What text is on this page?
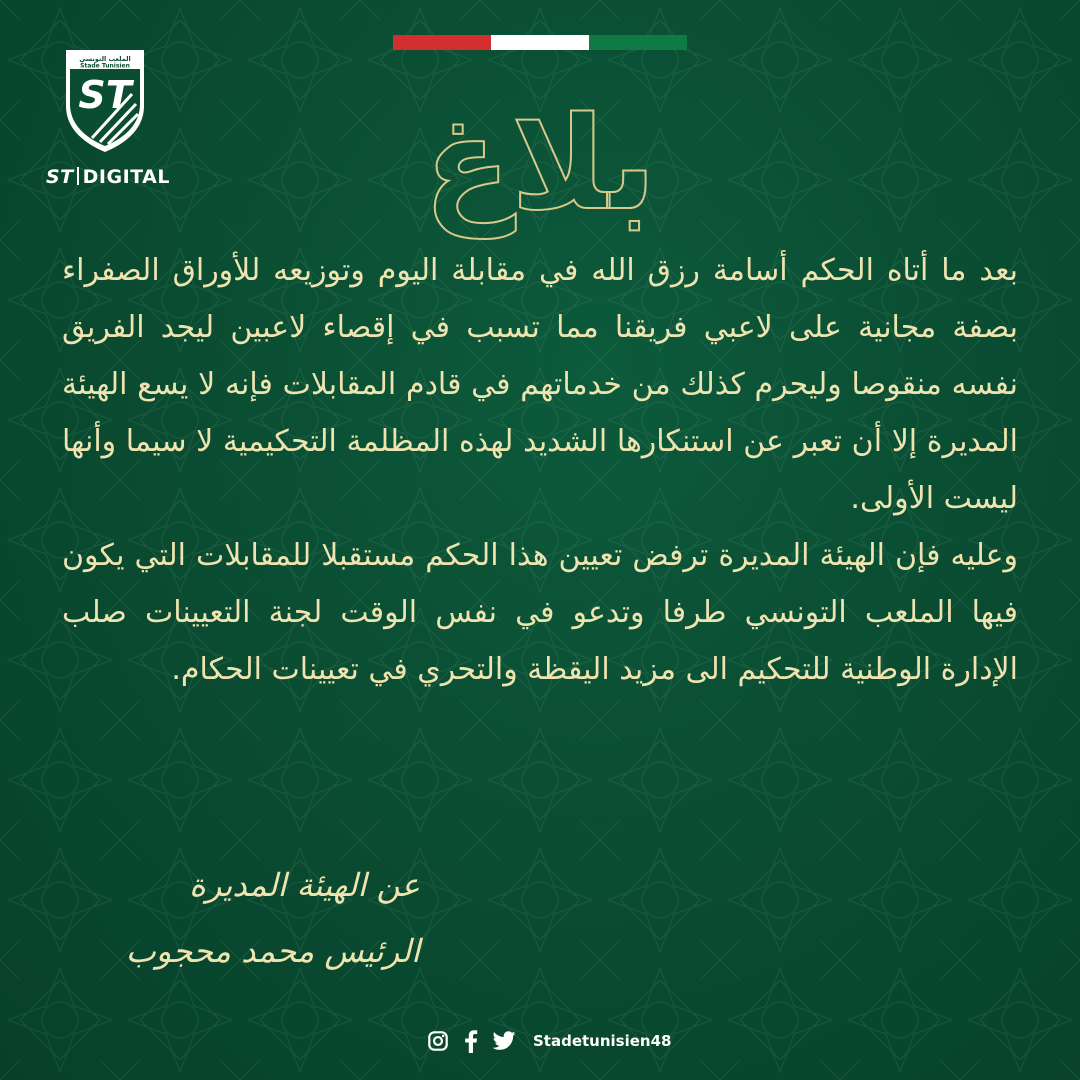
الملعب التونسي
Stade Tunisien
ST
ST DIGITAL	بلاغ

بعد ما أتاه الحكم أسامة رزق الله في مقابلة اليوم وتوزيعه للأوراق الصفراء بصفة مجانية على لاعبي فريقنا مما تسبب في إقصاء لاعبين ليجد الفريق نفسه منقوصا وليحرم كذلك من خدماتهم في قادم المقابلات فإنه لا يسع الهيئة المديرة إلا أن تعبر عن استنكارها الشديد لهذه المظلمة التحكيمية لا سيما وأنها ليست الأولى.

وعليه فإن الهيئة المديرة ترفض تعيين هذا الحكم مستقبلا للمقابلات التي يكون فيها الملعب التونسي طرفا وتدعو في نفس الوقت لجنة التعيينات صلب الإدارة الوطنية للتحكيم الى مزيد اليقظة والتحري في تعيينات الحكام.

عن الهيئة المديرة
الرئيس محمد محجوب
Stadetunisien48
